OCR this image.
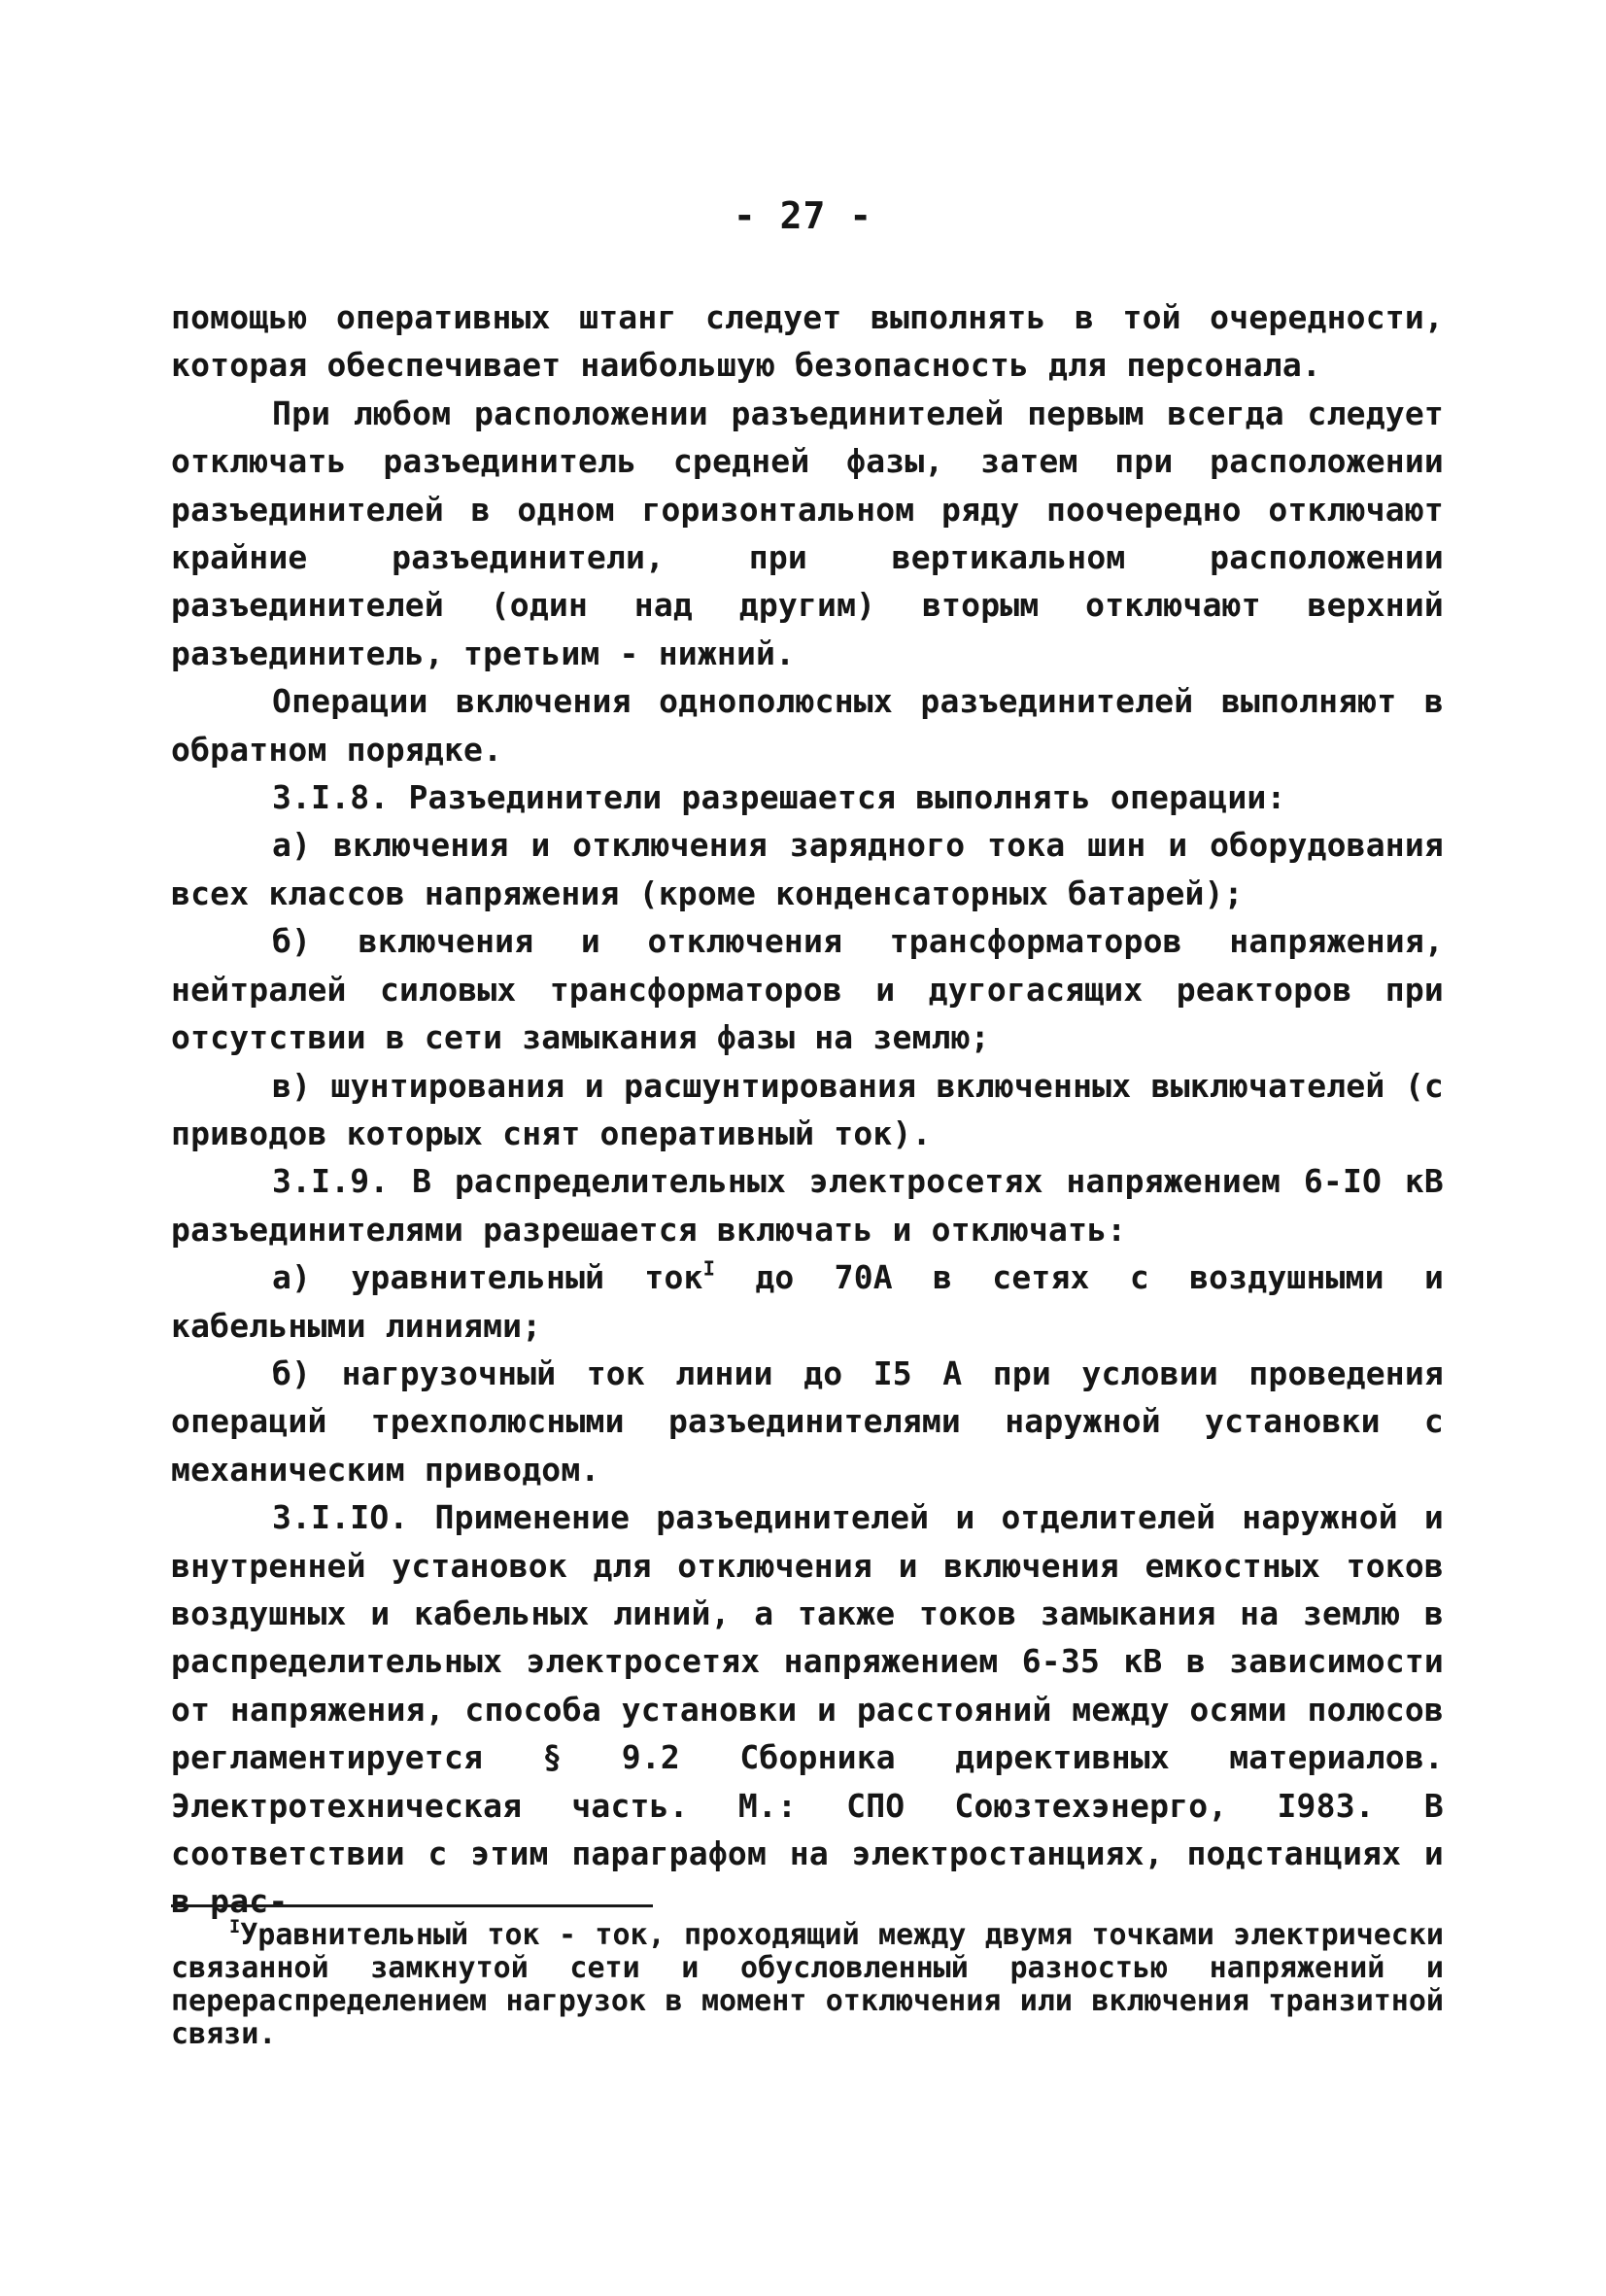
- 27 -

помощью оперативных штанг следует выполнять в той очередности, которая обеспечивает наибольшую безопасность для персонала.

При любом расположении разъединителей первым всегда следует отключать разъединитель средней фазы, затем при расположении разъединителей в одном горизонтальном ряду поочередно отключают крайние разъединители, при вертикальном расположении разъединителей (один над другим) вторым отключают верхний разъединитель, третьим - нижний.

Операции включения однополюсных разъединителей выполняют в обратном порядке.

3.I.8. Разъединители разрешается выполнять операции:

а) включения и отключения зарядного тока шин и оборудования всех классов напряжения (кроме конденсаторных батарей);

б) включения и отключения трансформаторов напряжения, нейтралей силовых трансформаторов и дугогасящих реакторов при отсутствии в сети замыкания фазы на землю;

в) шунтирования и расшунтирования включенных выключателей (с приводов которых снят оперативный ток).

3.I.9. В распределительных электросетях напряжением 6-IO кВ разъединителями разрешается включать и отключать:

а) уравнительный ток$^I$ до 70А в сетях с воздушными и кабельными линиями;

б) нагрузочный ток линии до I5 А при условии проведения операций трехполюсными разъединителями наружной установки с механическим приводом.

3.I.IO. Применение разъединителей и отделителей наружной и внутренней установок для отключения и включения емкостных токов воздушных и кабельных линий, а также токов замыкания на землю в распределительных электросетях напряжением 6-35 кВ в зависимости от напряжения, способа установки и расстояний между осями полюсов регламентируется § 9.2 Сборника директивных материалов. Электротехническая часть. М.: СПО Союзтехэнерго, I983. В соответствии с этим параграфом на электростанциях, подстанциях и в рас-

$^I$Уравнительный ток - ток, проходящий между двумя точками электрически связанной замкнутой сети и обусловленный разностью напряжений и перераспределением нагрузок в момент отключения или включения транзитной связи.
